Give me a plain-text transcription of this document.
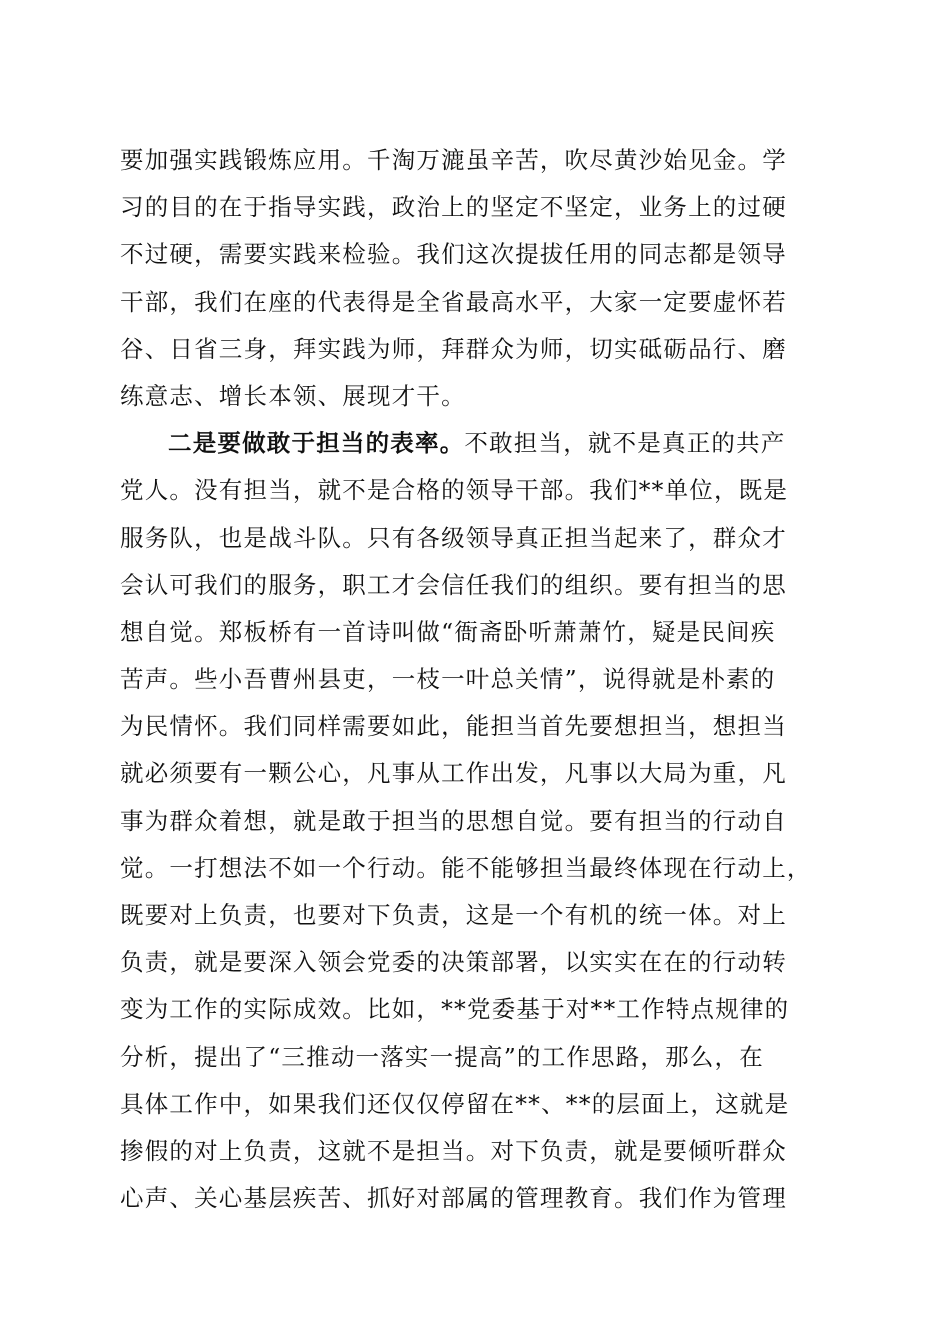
要加强实践锻炼应用。千淘万漉虽辛苦，吹尽黄沙始见金。学
习的目的在于指导实践，政治上的坚定不坚定，业务上的过硬
不过硬，需要实践来检验。我们这次提拔任用的同志都是领导
干部，我们在座的代表得是全省最高水平，大家一定要虚怀若
谷、日省三身，拜实践为师，拜群众为师，切实砥砺品行、磨
练意志、增长本领、展现才干。
二是要做敢于担当的表率。不敢担当，就不是真正的共产
党人。没有担当，就不是合格的领导干部。我们**单位，既是
服务队，也是战斗队。只有各级领导真正担当起来了，群众才
会认可我们的服务，职工才会信任我们的组织。要有担当的思
想自觉。郑板桥有一首诗叫做“衙斋卧听萧萧竹，疑是民间疾
苦声。些小吾曹州县吏，一枝一叶总关情”，说得就是朴素的
为民情怀。我们同样需要如此，能担当首先要想担当，想担当
就必须要有一颗公心，凡事从工作出发，凡事以大局为重，凡
事为群众着想，就是敢于担当的思想自觉。要有担当的行动自
觉。一打想法不如一个行动。能不能够担当最终体现在行动上，
既要对上负责，也要对下负责，这是一个有机的统一体。对上
负责，就是要深入领会党委的决策部署，以实实在在的行动转
变为工作的实际成效。比如，**党委基于对**工作特点规律的
分析，提出了“三推动一落实一提高”的工作思路，那么，在
具体工作中，如果我们还仅仅停留在**、**的层面上，这就是
掺假的对上负责，这就不是担当。对下负责，就是要倾听群众
心声、关心基层疾苦、抓好对部属的管理教育。我们作为管理
